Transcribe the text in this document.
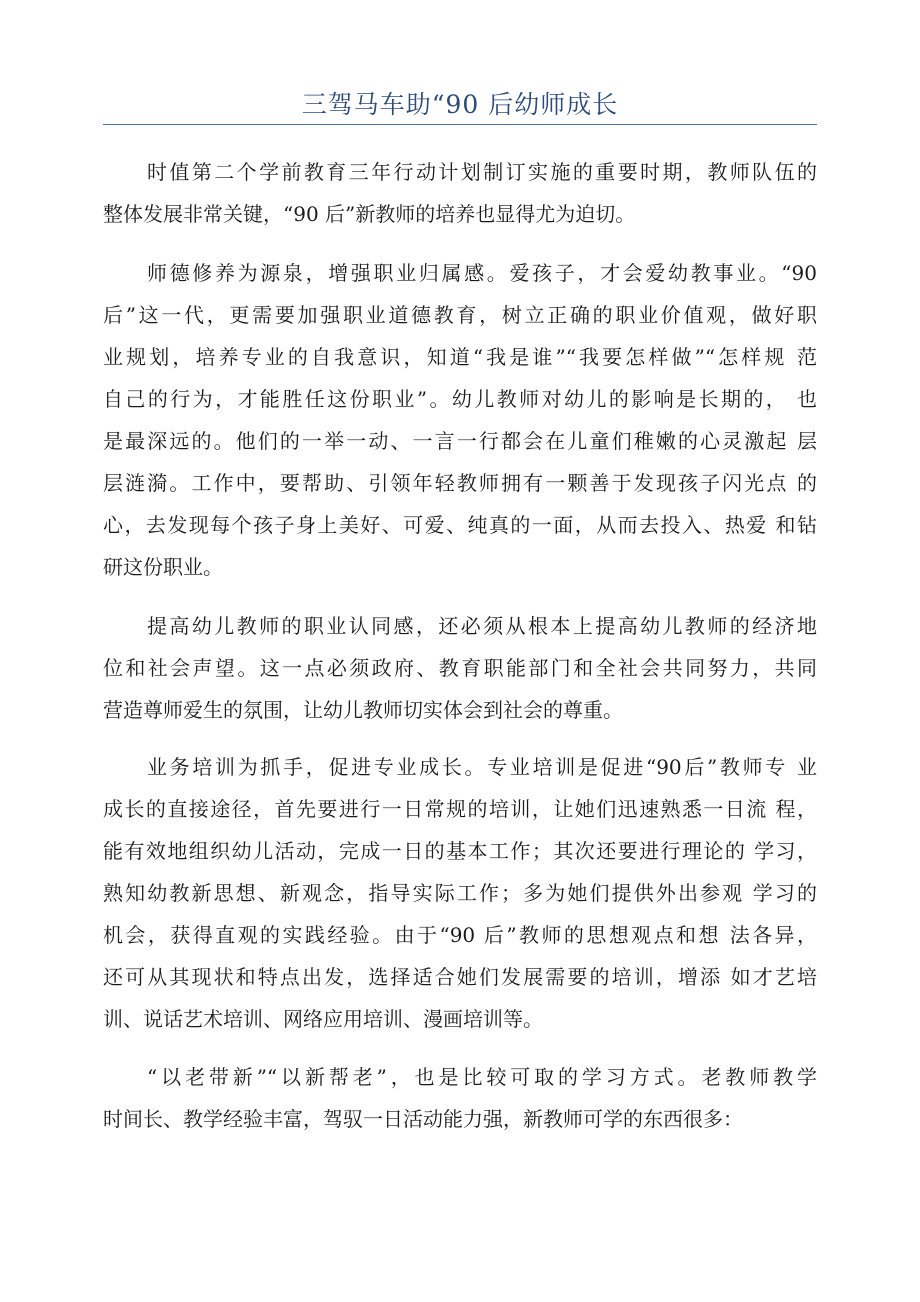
三驾马车助“90 后幼师成长
时值第二个学前教育三年行动计划制订实施的重要时期，教师队伍的
整体发展非常关键，“90 后”新教师的培养也显得尤为迫切。
师德修养为源泉，增强职业归属感。爱孩子，才会爱幼教事业。“90
后”这一代，更需要加强职业道德教育，树立正确的职业价值观，做好职
业规划，培养专业的自我意识，知道“我是谁”“我要怎样做”“怎样规 范
自己的行为，才能胜任这份职业”。幼儿教师对幼儿的影响是长期的， 也
是最深远的。他们的一举一动、一言一行都会在儿童们稚嫩的心灵激起 层
层涟漪。工作中，要帮助、引领年轻教师拥有一颗善于发现孩子闪光点 的
心，去发现每个孩子身上美好、可爱、纯真的一面，从而去投入、热爱 和钻
研这份职业。
提高幼儿教师的职业认同感，还必须从根本上提高幼儿教师的经济地
位和社会声望。这一点必须政府、教育职能部门和全社会共同努力，共同
营造尊师爱生的氛围，让幼儿教师切实体会到社会的尊重。
业务培训为抓手，促进专业成长。专业培训是促进“90后”教师专 业
成长的直接途径，首先要进行一日常规的培训，让她们迅速熟悉一日流 程，
能有效地组织幼儿活动，完成一日的基本工作；其次还要进行理论的 学习，
熟知幼教新思想、新观念，指导实际工作；多为她们提供外出参观 学习的
机会，获得直观的实践经验。由于“90 后”教师的思想观点和想 法各异，
还可从其现状和特点出发，选择适合她们发展需要的培训，增添 如才艺培
训、说话艺术培训、网络应用培训、漫画培训等。
“以老带新”“以新帮老”，也是比较可取的学习方式。老教师教学
时间长、教学经验丰富，驾驭一日活动能力强，新教师可学的东西很多：
